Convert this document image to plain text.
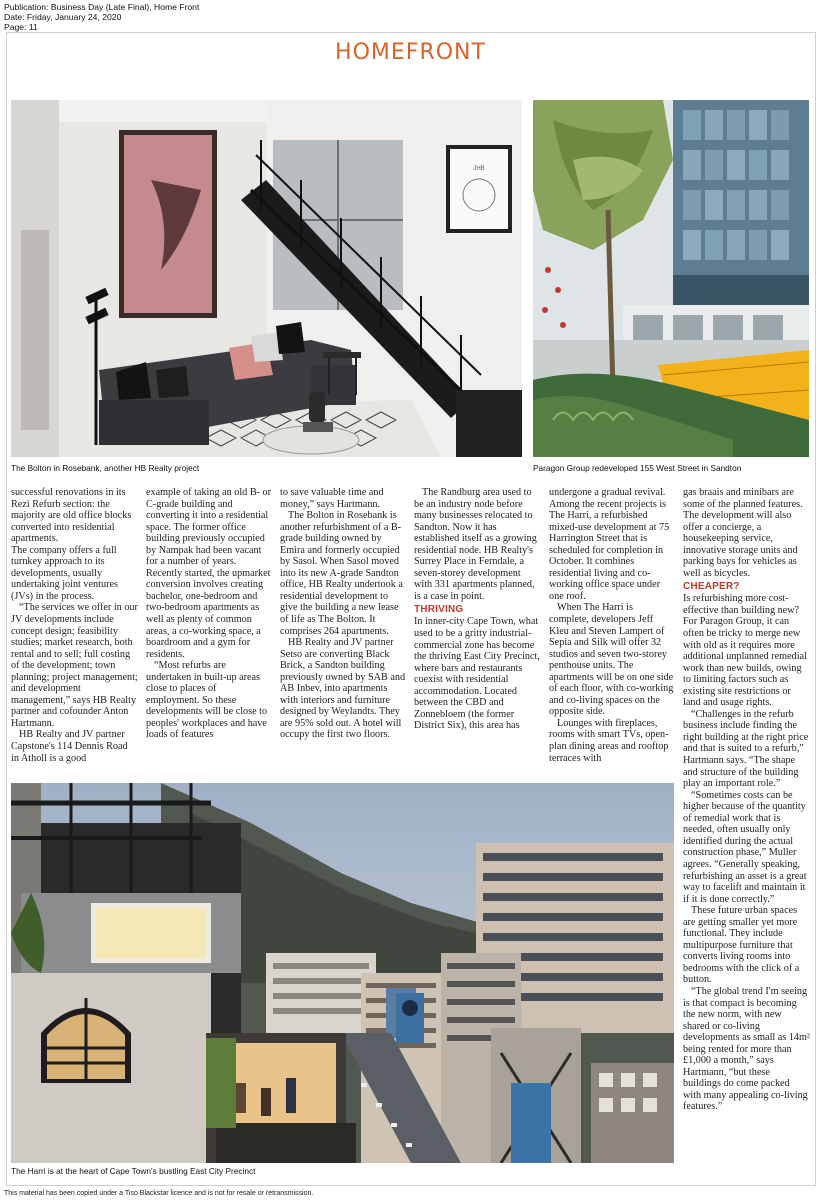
Publication: Business Day (Late Final), Home Front
Date: Friday, January 24, 2020
Page: 11
HOMEFRONT
JHB
The Bolton in Rosebank, another HB Realty project	Paragon Group redeveloped 155 West Street in Sandton

successful renovations in its Rezi Refurb section: the majority are old office blocks converted into residential apartments.

The company offers a full turnkey approach to its developments, usually undertaking joint ventures (JVs) in the process.

“The services we offer in our JV developments include concept design; feasibility studies; market research, both rental and to sell; full costing of the development; town planning; project management; and development management,” says HB Realty partner and cofounder Anton Hartmann.

HB Realty and JV partner Capstone's 114 Dennis Road in Atholl is a good

example of taking an old B- or C-grade building and converting it into a residential space. The former office building previously occupied by Nampak had been vacant for a number of years. Recently started, the upmarket conversion involves creating bachelor, one-bedroom and two-bedroom apartments as well as plenty of common areas, a co-working space, a boardroom and a gym for residents.

“Most refurbs are undertaken in built-up areas close to places of employment. So these developments will be close to peoples' workplaces and have loads of features

to save valuable time and money,” says Hartmann.

The Bolton in Rosebank is another refurbishment of a B-grade building owned by Emira and formerly occupied by Sasol. When Sasol moved into its new A-grade Sandton office, HB Realty undertook a residential development to give the building a new lease of life as The Bolton. It comprises 264 apartments.

HB Realty and JV partner Setso are converting Black Brick, a Sandton building previously owned by SAB and AB Inbev, into apartments with interiors and furniture designed by Weylandts. They are 95% sold out. A hotel will occupy the first two floors.

The Randburg area used to be an industry node before many businesses relocated to Sandton. Now it has established itself as a growing residential node. HB Realty's Surrey Place in Ferndale, a seven-storey development with 331 apartments planned, is a case in point.

THRIVING

In inner-city Cape Town, what used to be a gritty industrial-commercial zone has become the thriving East City Precinct, where bars and restaurants coexist with residential accommodation. Located between the CBD and Zonnebloem (the former District Six), this area has

undergone a gradual revival. Among the recent projects is The Harri, a refurbished mixed-use development at 75 Harrington Street that is scheduled for completion in October. It combines residential living and co-working office space under one roof.

When The Harri is complete, developers Jeff Kleu and Steven Lampert of Sepia and Silk will offer 32 studios and seven two-storey penthouse units. The apartments will be on one side of each floor, with co-working and co-living spaces on the opposite side.

Lounges with fireplaces, rooms with smart TVs, open-plan dining areas and rooftop terraces with

gas braais and minibars are some of the planned features. The development will also offer a concierge, a housekeeping service, innovative storage units and parking bays for vehicles as well as bicycles.

CHEAPER?

Is refurbishing more cost-effective than building new? For Paragon Group, it can often be tricky to merge new with old as it requires more additional unplanned remedial work than new builds, owing to limiting factors such as existing site restrictions or land and usage rights.

“Challenges in the refurb business include finding the right building at the right price and that is suited to a refurb,” Hartmann says. “The shape and structure of the building play an important role.”

“Sometimes costs can be higher because of the quantity of remedial work that is needed, often usually only identified during the actual construction phase,” Muller agrees. “Generally speaking, refurbishing an asset is a great way to facelift and maintain it if it is done correctly.”

These future urban spaces are getting smaller yet more functional. They include multipurpose furniture that converts living rooms into bedrooms with the click of a button.

“The global trend I'm seeing is that compact is becoming the new norm, with new shared or co-living developments as small as 14m² being rented for more than £1,000 a month,” says Hartmann, “but these buildings do come packed with many appealing co-living features.”

The Harri is at the heart of Cape Town's bustling East City Precinct
This material has been copied under a Tiso Blackstar licence and is not for resale or retransmission.
